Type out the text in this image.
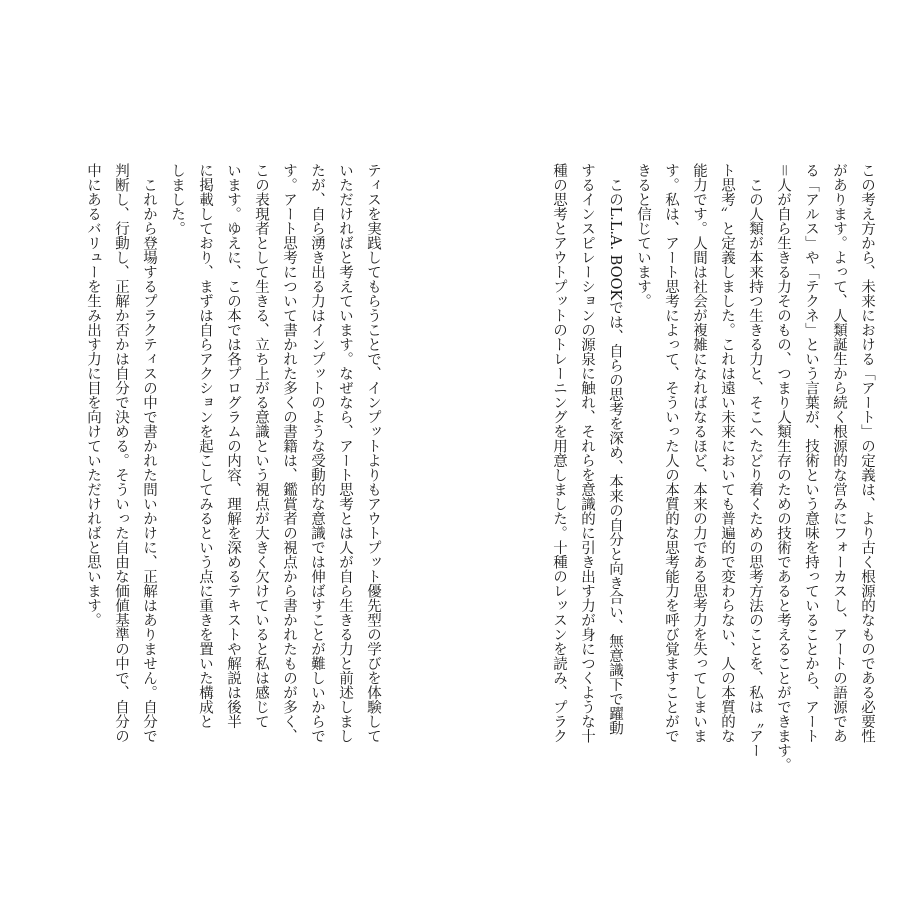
この考え方から、未来における「アート」の定義は、より古く根源的なものである必要性

があります。よって、人類誕生から続く根源的な営みにフォーカスし、アートの語源であ

る「アルス」や「テクネ」という言葉が、技術という意味を持っていることから、アート

＝人が自ら生きる力そのもの、つまり人類生存のための技術であると考えることができます。

　この人類が本来持つ生きる力と、そこへたどり着くための思考方法のことを、私は〝アー

ト思考〟と定義しました。これは遠い未来においても普遍的で変わらない、人の本質的な

能力です。人間は社会が複雑になればなるほど、本来の力である思考力を失ってしまいま

す。私は、アート思考によって、そういった人の本質的な思考能力を呼び覚ますことがで

きると信じています。

　このL.L.A. BOOKでは、自らの思考を深め、本来の自分と向き合い、無意識下で躍動

するインスピレーションの源泉に触れ、それらを意識的に引き出す力が身につくような十

種の思考とアウトプットのトレーニングを用意しました。十種のレッスンを読み、プラク

ティスを実践してもらうことで、インプットよりもアウトプット優先型の学びを体験して

いただければと考えています。なぜなら、アート思考とは人が自ら生きる力と前述しまし

たが、自ら湧き出る力はインプットのような受動的な意識では伸ばすことが難しいからで

す。アート思考について書かれた多くの書籍は、鑑賞者の視点から書かれたものが多く、

この表現者として生きる、立ち上がる意識という視点が大きく欠けていると私は感じて

います。ゆえに、この本では各プログラムの内容、理解を深めるテキストや解説は後半

に掲載しており、まずは自らアクションを起こしてみるという点に重きを置いた構成と

しました。

　これから登場するプラクティスの中で書かれた問いかけに、正解はありません。自分で

判断し、行動し、正解か否かは自分で決める。そういった自由な価値基準の中で、自分の

中にあるバリューを生み出す力に目を向けていただければと思います。
